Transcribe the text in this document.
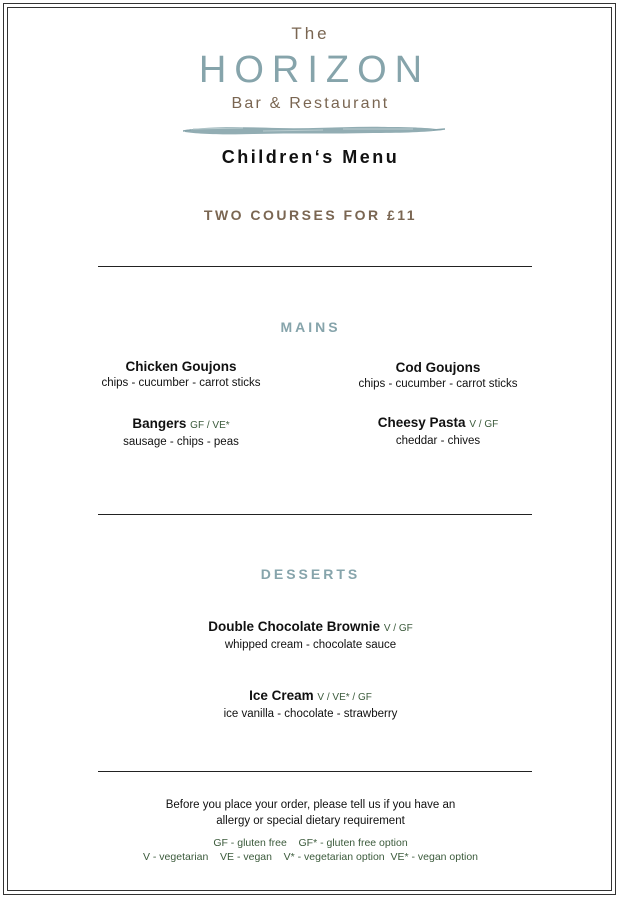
The
HORIZON
Bar & Restaurant
Children‘s Menu
TWO COURSES FOR £11
MAINS
Chicken Goujons
chips - cucumber - carrot sticks
Cod Goujons
chips - cucumber - carrot sticks
Bangers GF / VE*
sausage - chips - peas
Cheesy Pasta V / GF
cheddar - chives
DESSERTS
Double Chocolate Brownie V / GF
whipped cream - chocolate sauce
Ice Cream V / VE* / GF
ice vanilla - chocolate - strawberry
Before you place your order, please tell us if you have an
allergy or special dietary requirement
GF - gluten free GF* - gluten free option
V - vegetarian VE - vegan V* - vegetarian option VE* - vegan option
